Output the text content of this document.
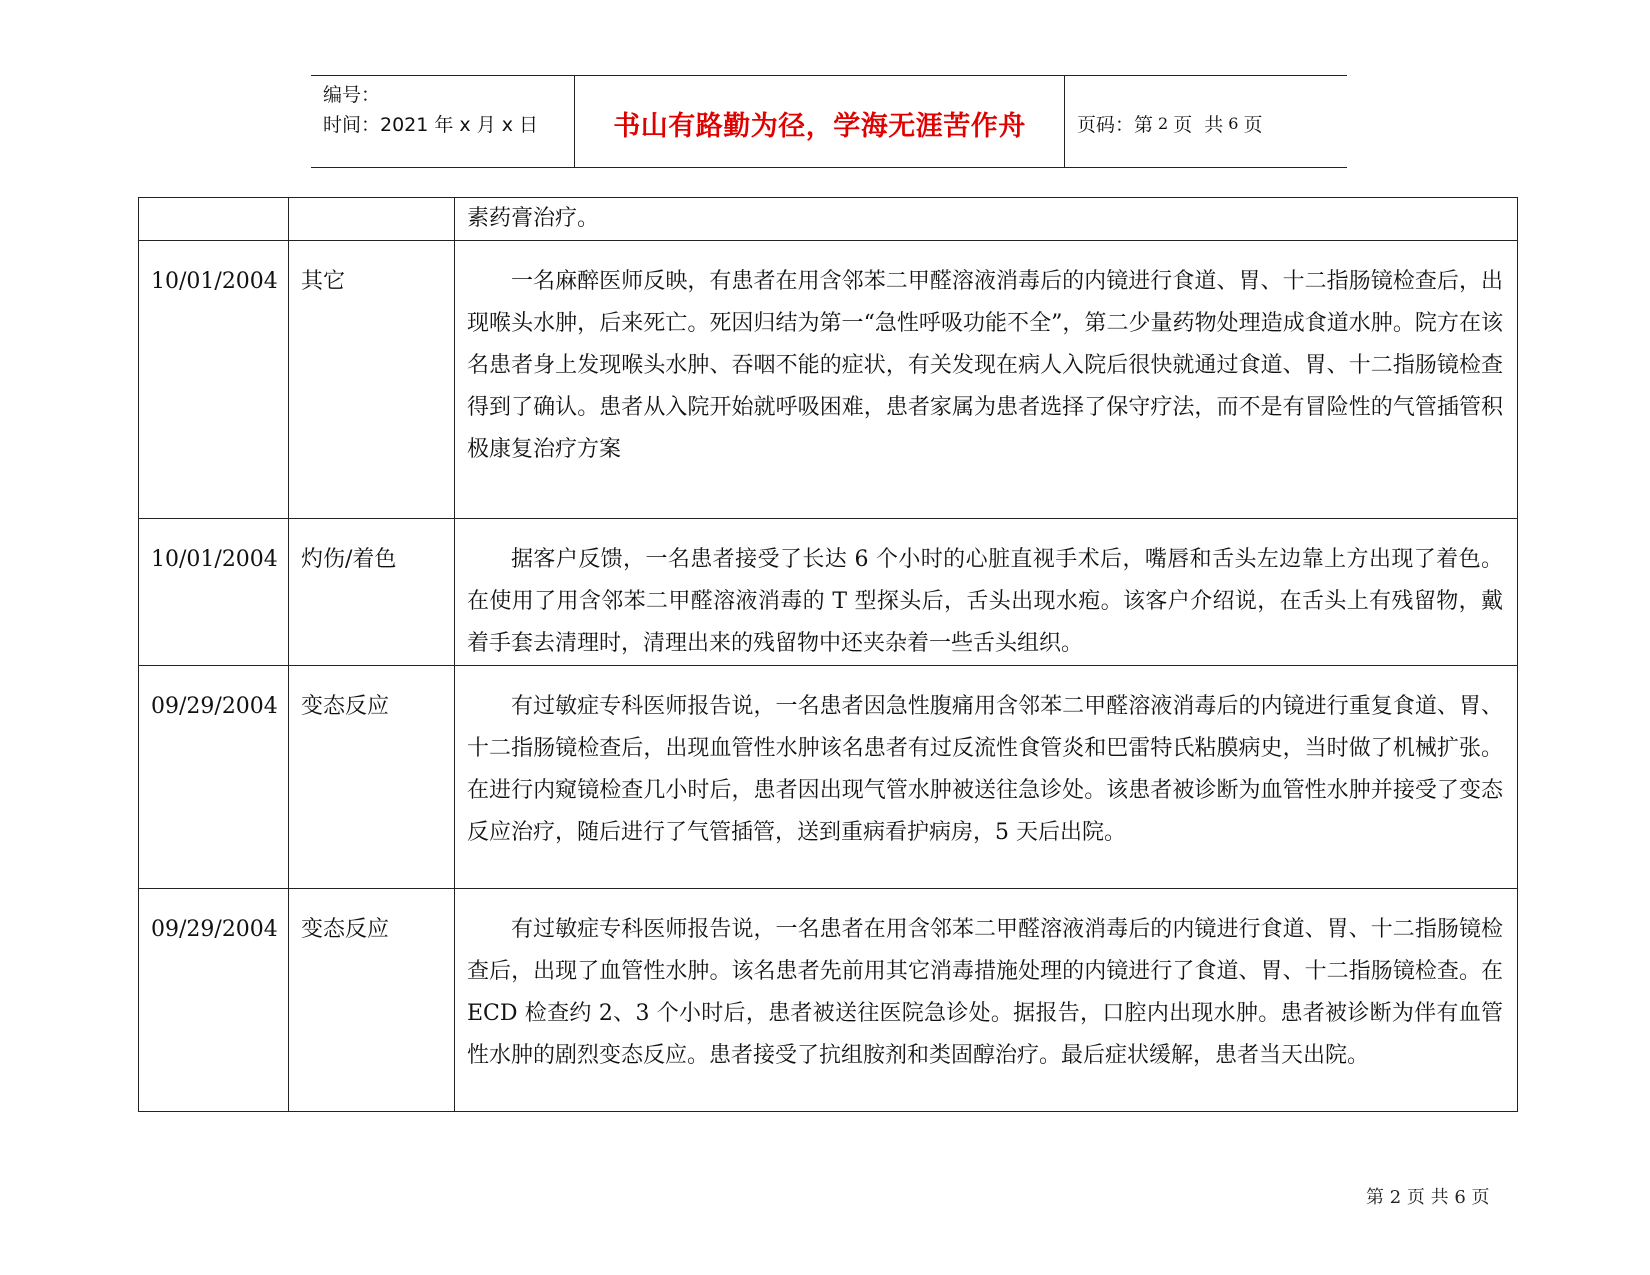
编号：
时间：2021 年 x 月 x 日	书山有路勤为径，学海无涯苦作舟	页码：第 2 页  共 6 页

		素药膏治疗。

10/01/2004	其它	一名麻醉医师反映，有患者在用含邻苯二甲醛溶液消毒后的内镜进行食道、胃、十二指肠镜检查后，出现喉头水肿，后来死亡。死因归结为第一“急性呼吸功能不全”，第二少量药物处理造成食道水肿。院方在该名患者身上发现喉头水肿、吞咽不能的症状，有关发现在病人入院后很快就通过食道、胃、十二指肠镜检查得到了确认。患者从入院开始就呼吸困难，患者家属为患者选择了保守疗法，而不是有冒险性的气管插管积极康复治疗方案

10/01/2004	灼伤/着色	据客户反馈，一名患者接受了长达 6 个小时的心脏直视手术后，嘴唇和舌头左边靠上方出现了着色。在使用了用含邻苯二甲醛溶液消毒的 T 型探头后，舌头出现水疱。该客户介绍说，在舌头上有残留物，戴着手套去清理时，清理出来的残留物中还夹杂着一些舌头组织。

09/29/2004	变态反应	有过敏症专科医师报告说，一名患者因急性腹痛用含邻苯二甲醛溶液消毒后的内镜进行重复食道、胃、十二指肠镜检查后，出现血管性水肿该名患者有过反流性食管炎和巴雷特氏粘膜病史，当时做了机械扩张。在进行内窥镜检查几小时后，患者因出现气管水肿被送往急诊处。该患者被诊断为血管性水肿并接受了变态反应治疗，随后进行了气管插管，送到重病看护病房，5 天后出院。

09/29/2004	变态反应	有过敏症专科医师报告说，一名患者在用含邻苯二甲醛溶液消毒后的内镜进行食道、胃、十二指肠镜检查后，出现了血管性水肿。该名患者先前用其它消毒措施处理的内镜进行了食道、胃、十二指肠镜检查。在 ECD 检查约 2、3 个小时后，患者被送往医院急诊处。据报告，口腔内出现水肿。患者被诊断为伴有血管性水肿的剧烈变态反应。患者接受了抗组胺剂和类固醇治疗。最后症状缓解，患者当天出院。

第 2 页 共 6 页
